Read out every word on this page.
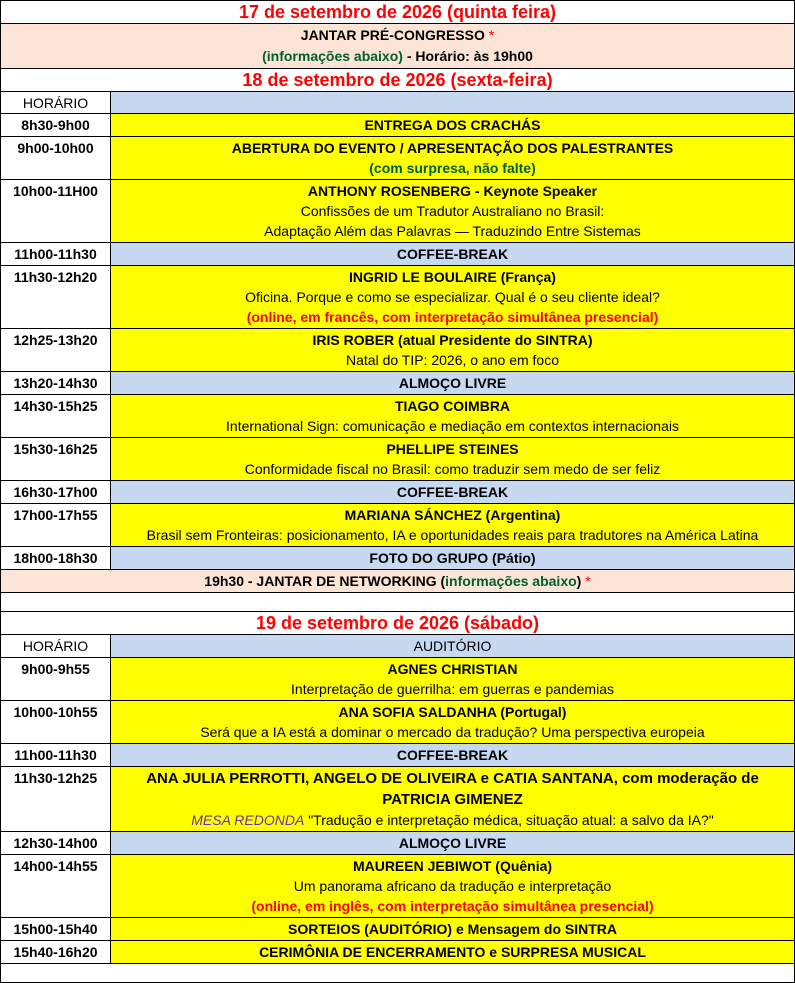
17 de setembro de 2026 (quinta feira)	

JANTAR PRÉ-CONGRESSO *
(informações abaixo) - Horário: às 19h00	

18 de setembro de 2026 (sexta-feira)	
HORÁRIO	
8h30-9h00	ENTREGA DOS CRACHÁS
9h00-10h00	ABERTURA DO EVENTO / APRESENTAÇÃO DOS PALESTRANTES
(com surpresa, não falte)

10h00-11H00	ANTHONY ROSENBERG - Keynote Speaker
Confissões de um Tradutor Australiano no Brasil:
Adaptação Além das Palavras — Traduzindo Entre Sistemas

11h00-11h30	COFFEE-BREAK
11h30-12h20	INGRID LE BOULAIRE (França)
Oficina. Porque e como se especializar. Qual é o seu cliente ideal?
(online, em francês, com interpretação simultânea presencial)

12h25-13h20	IRIS ROBER (atual Presidente do SINTRA)
Natal do TIP: 2026, o ano em foco

13h20-14h30	ALMOÇO LIVRE
14h30-15h25	TIAGO COIMBRA
International Sign: comunicação e mediação em contextos internacionais

15h30-16h25	PHELLIPE STEINES
Conformidade fiscal no Brasil: como traduzir sem medo de ser feliz

16h30-17h00	COFFEE-BREAK
17h00-17h55	MARIANA SÁNCHEZ (Argentina)
Brasil sem Fronteiras: posicionamento, IA e oportunidades reais para tradutores na América Latina

18h00-18h30	FOTO DO GRUPO (Pátio)
19h30 - JANTAR DE NETWORKING (informações abaixo) *	

19 de setembro de 2026 (sábado)	
HORÁRIO	AUDITÓRIO
9h00-9h55	AGNES CHRISTIAN
Interpretação de guerrilha: em guerras e pandemias

10h00-10h55	ANA SOFIA SALDANHA (Portugal)
Será que a IA está a dominar o mercado da tradução? Uma perspectiva europeia

11h00-11h30	COFFEE-BREAK
11h30-12h25	ANA JULIA PERROTTI, ANGELO DE OLIVEIRA e CATIA SANTANA, com moderação de PATRICIA GIMENEZ
MESA REDONDA "Tradução e interpretação médica, situação atual: a salvo da IA?"

12h30-14h00	ALMOÇO LIVRE
14h00-14h55	MAUREEN JEBIWOT (Quênia)
Um panorama africano da tradução e interpretação
(online, em inglês, com interpretação simultânea presencial)

15h00-15h40	SORTEIOS (AUDITÓRIO) e Mensagem do SINTRA
15h40-16h20	CERIMÔNIA DE ENCERRAMENTO e SURPRESA MUSICAL
